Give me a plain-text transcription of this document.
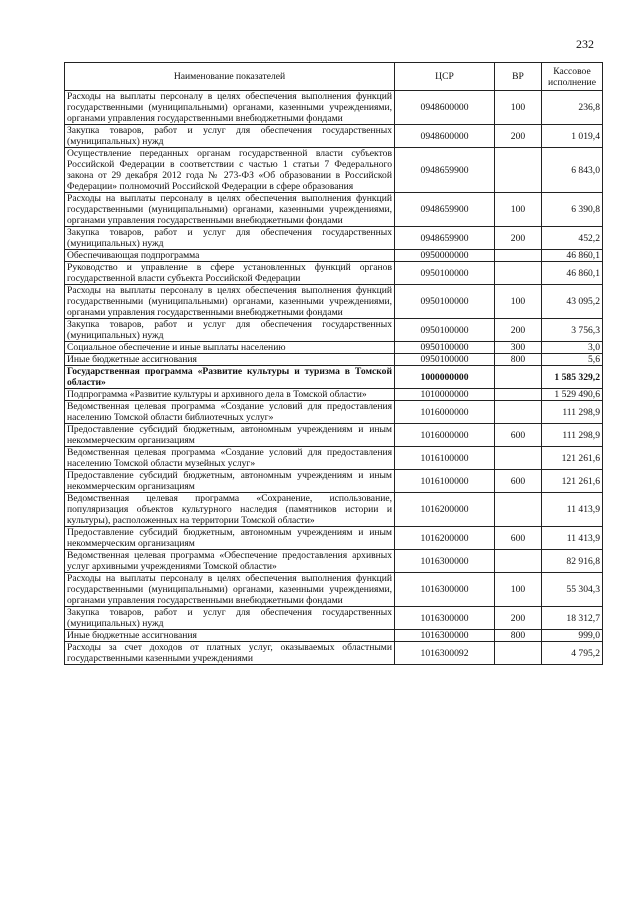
232
Наименование показателей	ЦСР	ВР	Кассовое исполнение
Расходы на выплаты персоналу в целях обеспечения выполнения функций государственными (муниципальными) органами, казенными учреждениями, органами управления государственными внебюджетными фондами	0948600000	100	236,8
Закупка товаров, работ и услуг для обеспечения государственных (муниципальных) нужд	0948600000	200	1 019,4
Осуществление переданных органам государственной власти субъектов Российской Федерации в соответствии с частью 1 статьи 7 Федерального закона от 29 декабря 2012 года № 273-ФЗ «Об образовании в Российской Федерации» полномочий Российской Федерации в сфере образования	0948659900		6 843,0
Расходы на выплаты персоналу в целях обеспечения выполнения функций государственными (муниципальными) органами, казенными учреждениями, органами управления государственными внебюджетными фондами	0948659900	100	6 390,8
Закупка товаров, работ и услуг для обеспечения государственных (муниципальных) нужд	0948659900	200	452,2
Обеспечивающая подпрограмма	0950000000		46 860,1
Руководство и управление в сфере установленных функций органов государственной власти субъекта Российской Федерации	0950100000		46 860,1
Расходы на выплаты персоналу в целях обеспечения выполнения функций государственными (муниципальными) органами, казенными учреждениями, органами управления государственными внебюджетными фондами	0950100000	100	43 095,2
Закупка товаров, работ и услуг для обеспечения государственных (муниципальных) нужд	0950100000	200	3 756,3
Социальное обеспечение и иные выплаты населению	0950100000	300	3,0
Иные бюджетные ассигнования	0950100000	800	5,6
Государственная программа «Развитие культуры и туризма в Томской области»	1000000000		1 585 329,2
Подпрограмма «Развитие культуры и архивного дела в Томской области»	1010000000		1 529 490,6
Ведомственная целевая программа «Создание условий для предоставления населению Томской области библиотечных услуг»	1016000000		111 298,9
Предоставление субсидий бюджетным, автономным учреждениям и иным некоммерческим организациям	1016000000	600	111 298,9
Ведомственная целевая программа «Создание условий для предоставления населению Томской области музейных услуг»	1016100000		121 261,6
Предоставление субсидий бюджетным, автономным учреждениям и иным некоммерческим организациям	1016100000	600	121 261,6
Ведомственная целевая программа «Сохранение, использование, популяризация объектов культурного наследия (памятников истории и культуры), расположенных на территории Томской области»	1016200000		11 413,9
Предоставление субсидий бюджетным, автономным учреждениям и иным некоммерческим организациям	1016200000	600	11 413,9
Ведомственная целевая программа «Обеспечение предоставления архивных услуг архивными учреждениями Томской области»	1016300000		82 916,8
Расходы на выплаты персоналу в целях обеспечения выполнения функций государственными (муниципальными) органами, казенными учреждениями, органами управления государственными внебюджетными фондами	1016300000	100	55 304,3
Закупка товаров, работ и услуг для обеспечения государственных (муниципальных) нужд	1016300000	200	18 312,7
Иные бюджетные ассигнования	1016300000	800	999,0
Расходы за счет доходов от платных услуг, оказываемых областными государственными казенными учреждениями	1016300092		4 795,2
